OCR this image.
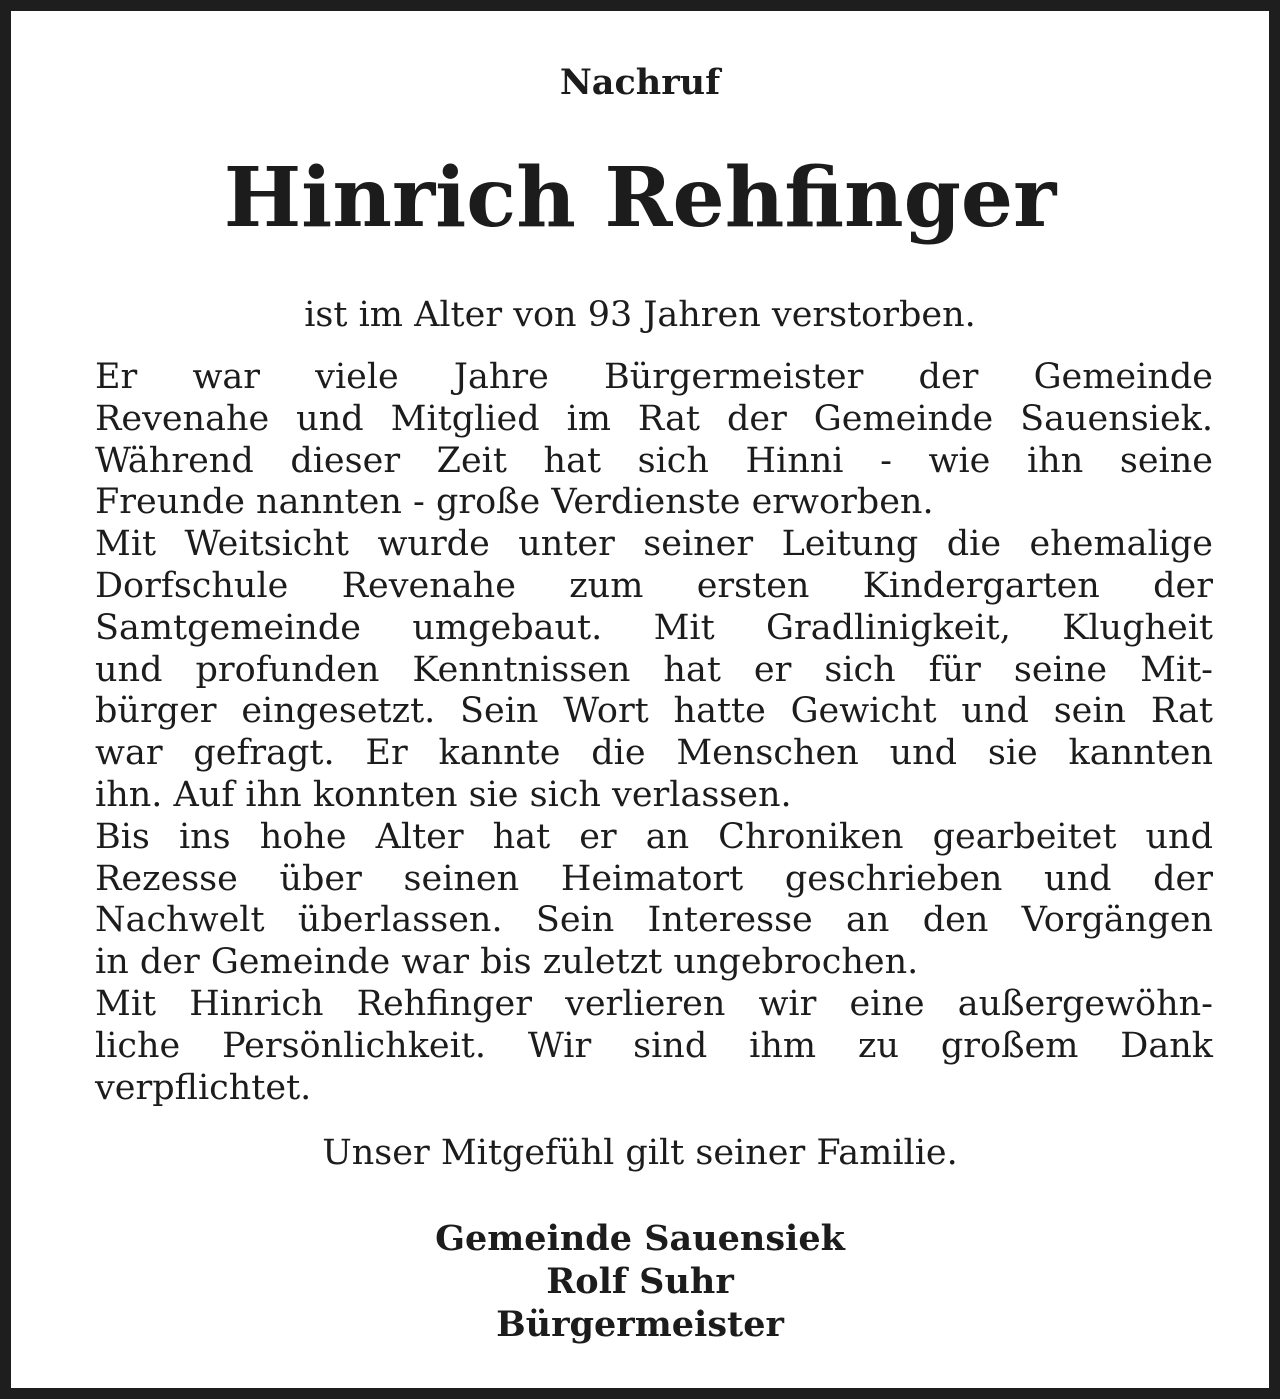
Nachruf
Hinrich Rehfinger
ist im Alter von 93 Jahren verstorben.
Er war viele Jahre Bürgermeister der Gemeinde
Revenahe und Mitglied im Rat der Gemeinde Sauensiek.
Während dieser Zeit hat sich Hinni - wie ihn seine
Freunde nannten - große Verdienste erworben.
Mit Weitsicht wurde unter seiner Leitung die ehemalige
Dorfschule Revenahe zum ersten Kindergarten der
Samtgemeinde umgebaut. Mit Gradlinigkeit, Klugheit
und profunden Kenntnissen hat er sich für seine Mit-
bürger eingesetzt. Sein Wort hatte Gewicht und sein Rat
war gefragt. Er kannte die Menschen und sie kannten
ihn. Auf ihn konnten sie sich verlassen.
Bis ins hohe Alter hat er an Chroniken gearbeitet und
Rezesse über seinen Heimatort geschrieben und der
Nachwelt überlassen. Sein Interesse an den Vorgängen
in der Gemeinde war bis zuletzt ungebrochen.
Mit Hinrich Rehfinger verlieren wir eine außergewöhn-
liche Persönlichkeit. Wir sind ihm zu großem Dank
verpflichtet.
Unser Mitgefühl gilt seiner Familie.
Gemeinde Sauensiek
Rolf Suhr
Bürgermeister
